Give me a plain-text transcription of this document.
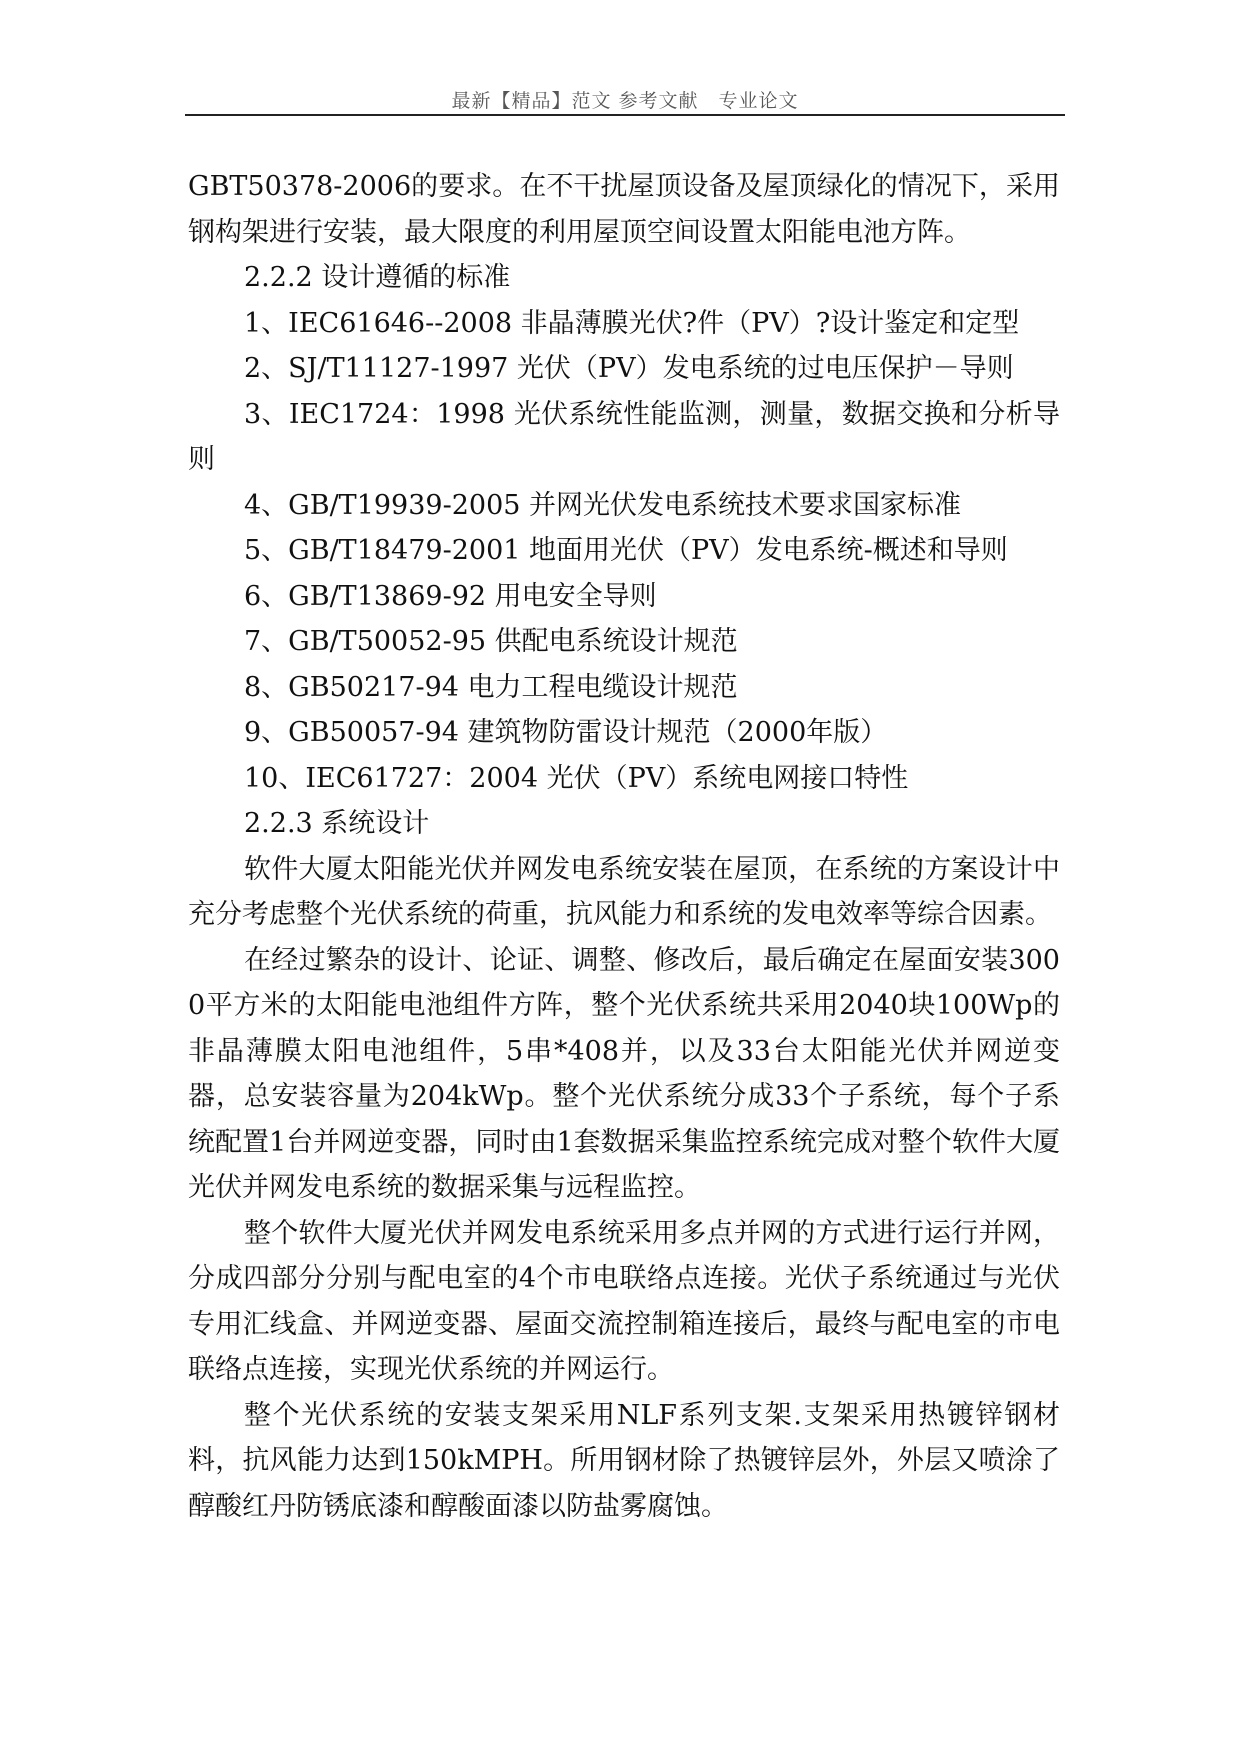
最新【精品】范文 参考文献　专业论文

GBT50378-2006的要求。在不干扰屋顶设备及屋顶绿化的情况下，采用钢构架进行安装，最大限度的利用屋顶空间设置太阳能电池方阵。

2.2.2 设计遵循的标准

1、IEC61646--2008 非晶薄膜光伏?件（PV）?设计鉴定和定型

2、SJ/T11127-1997 光伏（PV）发电系统的过电压保护－导则

3、IEC1724：1998 光伏系统性能监测，测量，数据交换和分析导则

4、GB/T19939-2005 并网光伏发电系统技术要求国家标准

5、GB/T18479-2001 地面用光伏（PV）发电系统-概述和导则

6、GB/T13869-92 用电安全导则

7、GB/T50052-95 供配电系统设计规范

8、GB50217-94 电力工程电缆设计规范

9、GB50057-94 建筑物防雷设计规范（2000年版）

10、IEC61727：2004 光伏（PV）系统电网接口特性

2.2.3 系统设计

软件大厦太阳能光伏并网发电系统安装在屋顶，在系统的方案设计中充分考虑整个光伏系统的荷重，抗风能力和系统的发电效率等综合因素。

在经过繁杂的设计、论证、调整、修改后，最后确定在屋面安装3000平方米的太阳能电池组件方阵，整个光伏系统共采用2040块100Wp的非晶薄膜太阳电池组件，5串*408并，以及33台太阳能光伏并网逆变器，总安装容量为204kWp。整个光伏系统分成33个子系统，每个子系统配置1台并网逆变器，同时由1套数据采集监控系统完成对整个软件大厦光伏并网发电系统的数据采集与远程监控。

整个软件大厦光伏并网发电系统采用多点并网的方式进行运行并网，分成四部分分别与配电室的4个市电联络点连接。光伏子系统通过与光伏专用汇线盒、并网逆变器、屋面交流控制箱连接后，最终与配电室的市电联络点连接，实现光伏系统的并网运行。

整个光伏系统的安装支架采用NLF系列支架.支架采用热镀锌钢材料，抗风能力达到150kMPH。所用钢材除了热镀锌层外，外层又喷涂了醇酸红丹防锈底漆和醇酸面漆以防盐雾腐蚀。
